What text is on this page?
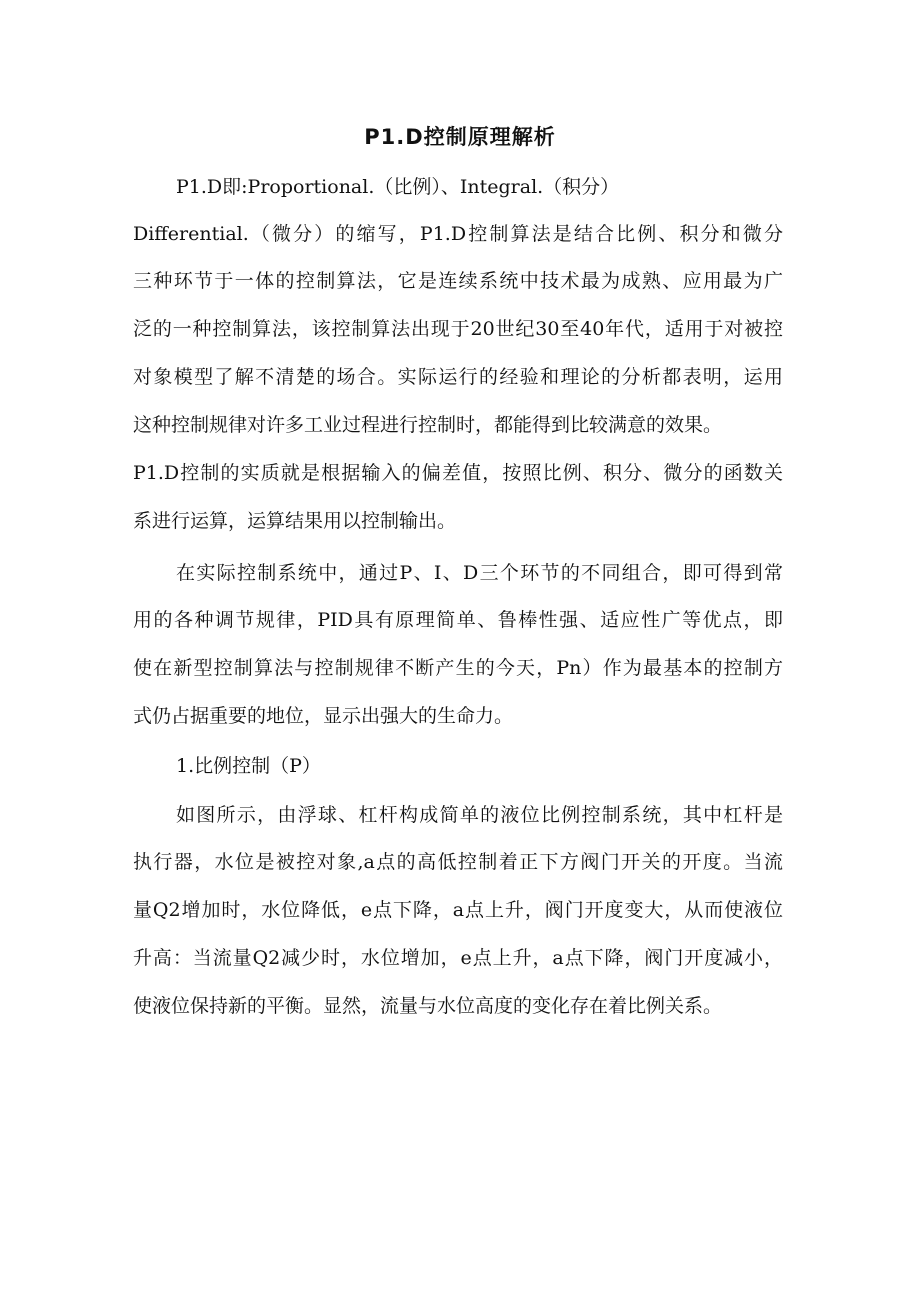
P1.D控制原理解析

P1.D即:Proportional.（比例）、Integral.（积分）

Differential.（微分）的缩写，P1.D控制算法是结合比例、积分和微分

三种环节于一体的控制算法，它是连续系统中技术最为成熟、应用最为广

泛的一种控制算法，该控制算法出现于20世纪30至40年代，适用于对被控

对象模型了解不清楚的场合。实际运行的经验和理论的分析都表明，运用

这种控制规律对许多工业过程进行控制时，都能得到比较满意的效果。

P1.D控制的实质就是根据输入的偏差值，按照比例、积分、微分的函数关

系进行运算，运算结果用以控制输出。

在实际控制系统中，通过P、I、D三个环节的不同组合，即可得到常

用的各种调节规律，PID具有原理简单、鲁棒性强、适应性广等优点，即

使在新型控制算法与控制规律不断产生的今天，Pn）作为最基本的控制方

式仍占据重要的地位，显示出强大的生命力。

1.比例控制（P）

如图所示，由浮球、杠杆构成简单的液位比例控制系统，其中杠杆是

执行器，水位是被控对象,a点的高低控制着正下方阀门开关的开度。当流

量Q2增加时，水位降低，e点下降，a点上升，阀门开度变大，从而使液位

升高：当流量Q2减少时，水位增加，e点上升，a点下降，阀门开度减小，

使液位保持新的平衡。显然，流量与水位高度的变化存在着比例关系。
